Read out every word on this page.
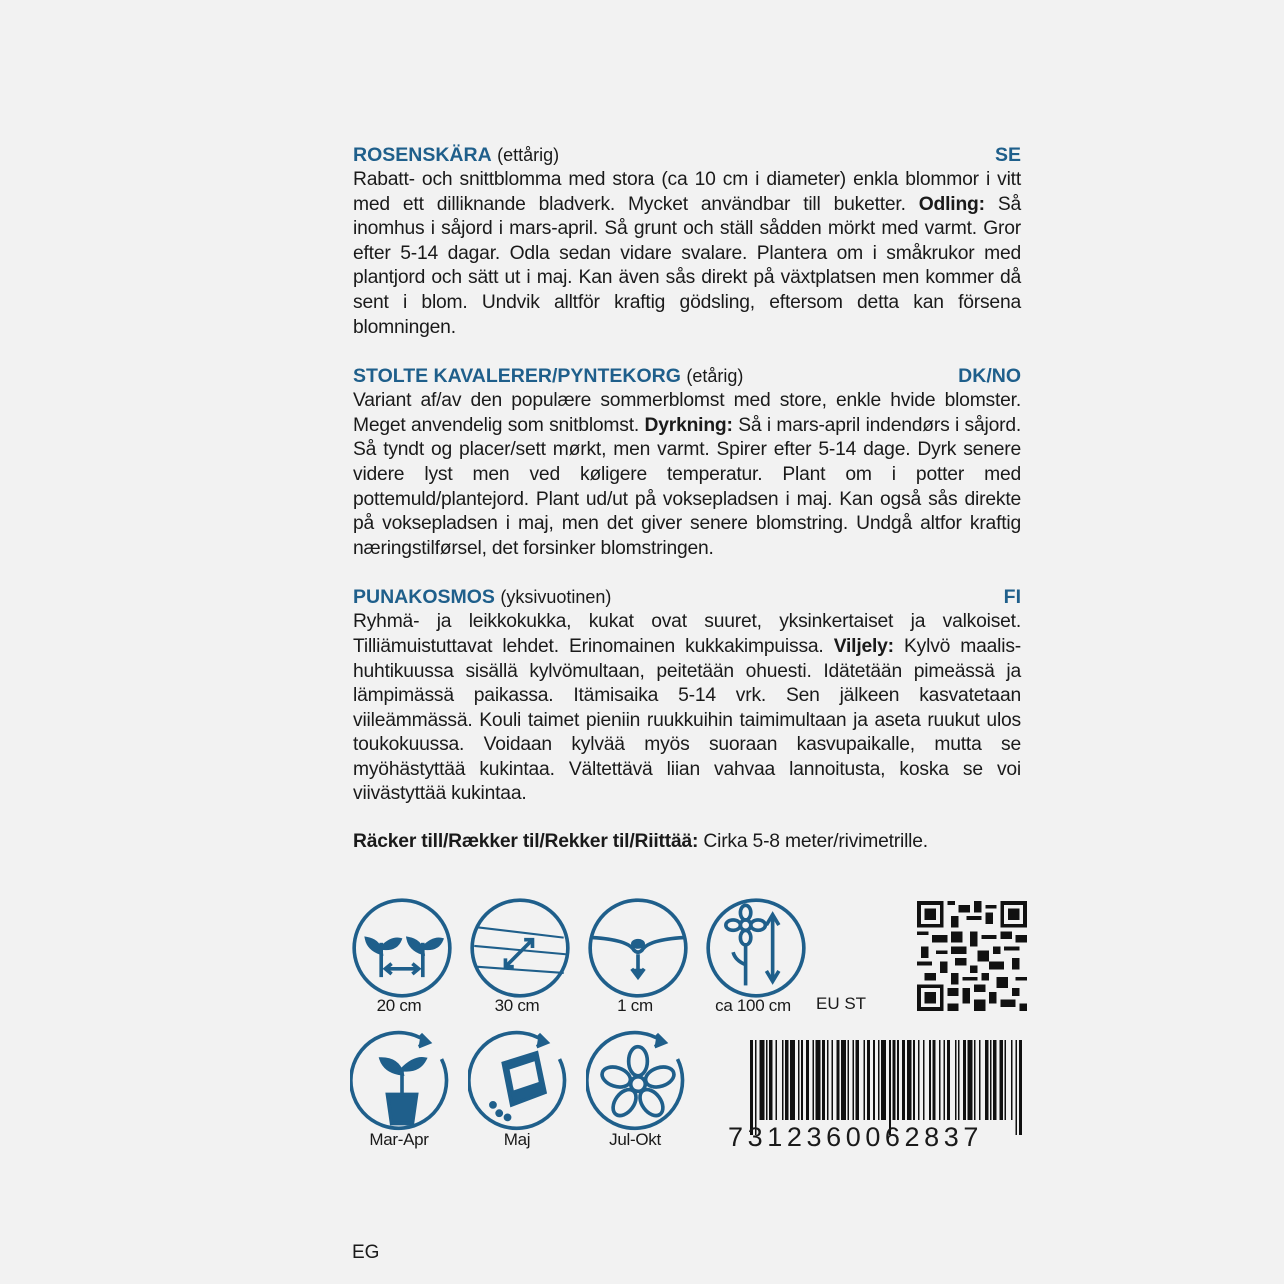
ROSENSKÄRA (ettårig)	SE
Rabatt- och snittblomma med stora (ca 10 cm i diameter) enkla blommor i vitt med ett dilliknande bladverk. Mycket användbar till buketter. Odling: Så inomhus i såjord i mars-april. Så grunt och ställ sådden mörkt med varmt. Gror efter 5-14 dagar. Odla sedan vidare svalare. Plantera om i småkrukor med plantjord och sätt ut i maj. Kan även sås direkt på växtplatsen men kommer då sent i blom. Undvik alltför kraftig gödsling, eftersom detta kan försena blomningen.
STOLTE KAVALERER/PYNTEKORG (etårig)	DK/NO
Variant af/av den populære sommerblomst med store, enkle hvide blomster. Meget anvendelig som snitblomst. Dyrkning: Så i mars-april indendørs i såjord. Så tyndt og placer/sett mørkt, men varmt. Spirer efter 5-14 dage. Dyrk senere videre lyst men ved køligere temperatur. Plant om i potter med pottemuld/plantejord. Plant ud/ut på voksepladsen i maj. Kan også sås direkte på voksepladsen i maj, men det giver senere blomstring. Undgå altfor kraftig næringstilførsel, det forsinker blomstringen.
PUNAKOSMOS (yksivuotinen)	FI
Ryhmä- ja leikkokukka, kukat ovat suuret, yksinkertaiset ja valkoiset. Tilliämuistuttavat lehdet. Erinomainen kukkakimpuissa. Viljely: Kylvö maalis-huhtikuussa sisällä kylvömultaan, peitetään ohuesti. Idätetään pimeässä ja lämpimässä paikassa. Itämisaika 5-14 vrk. Sen jälkeen kasvatetaan viileämmässä. Kouli taimet pieniin ruukkuihin taimimultaan ja aseta ruukut ulos toukokuussa. Voidaan kylvää myös suoraan kasvupaikalle, mutta se myöhästyttää kukintaa. Vältettävä liian vahvaa lannoitusta, koska se voi viivästyttää kukintaa.
Räcker till/Rækker til/Rekker til/Riittää: Cirka 5-8 meter/rivimetrille.
20 cm	30 cm	1 cm	ca 100 cm	EU ST
Mar-Apr	Maj	Jul-Okt	7312360062837
EG
